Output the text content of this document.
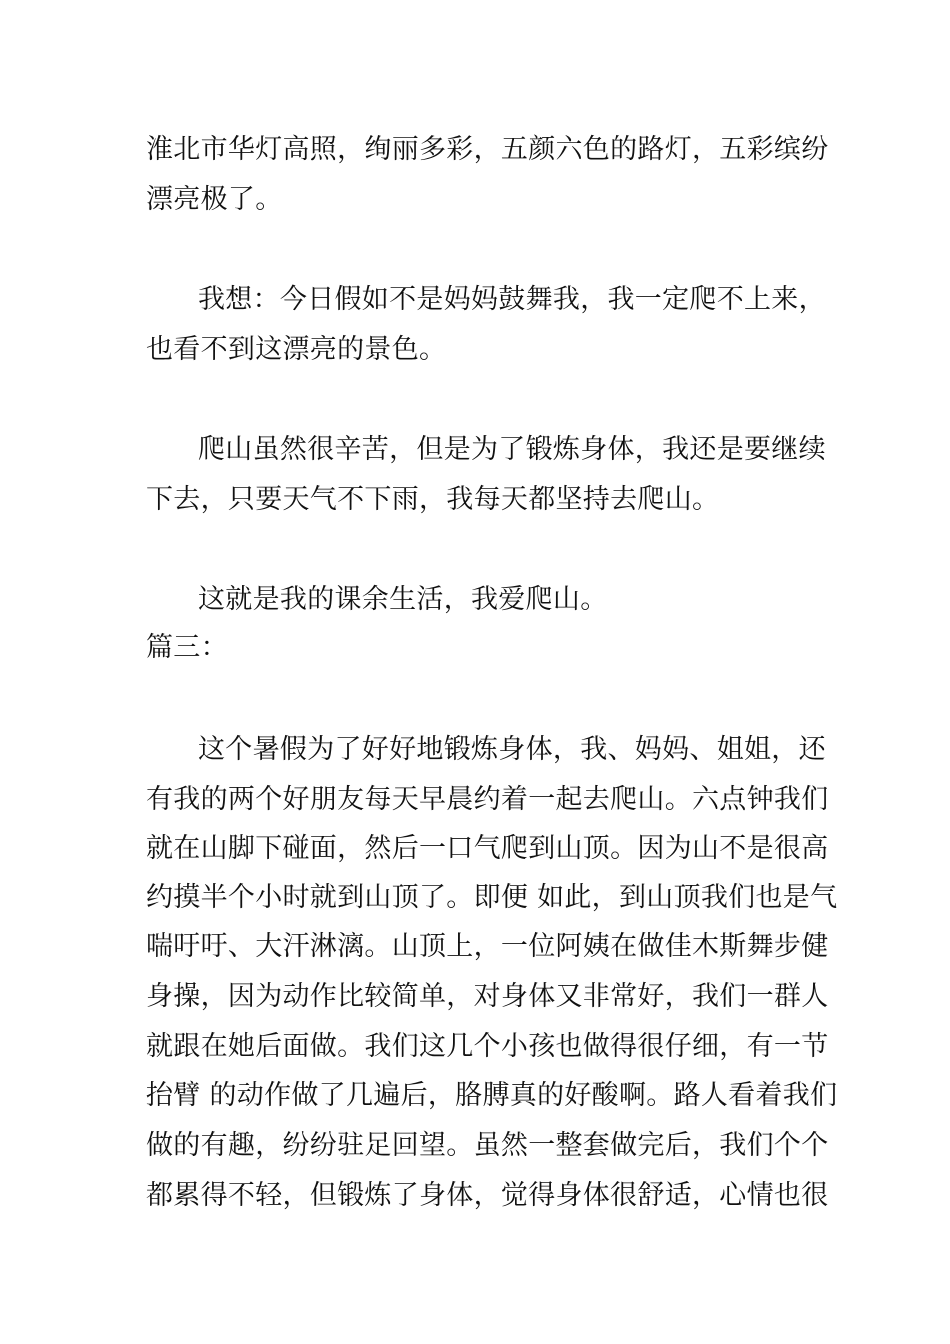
淮北市华灯高照，绚丽多彩，五颜六色的路灯，五彩缤纷
漂亮极了。
我想：今日假如不是妈妈鼓舞我，我一定爬不上来，
也看不到这漂亮的景色。
爬山虽然很辛苦，但是为了锻炼身体，我还是要继续
下去，只要天气不下雨，我每天都坚持去爬山。
这就是我的课余生活，我爱爬山。
篇三：
这个暑假为了好好地锻炼身体，我、妈妈、姐姐，还
有我的两个好朋友每天早晨约着一起去爬山。六点钟我们
就在山脚下碰面，然后一口气爬到山顶。因为山不是很高
约摸半个小时就到山顶了。即便 如此，到山顶我们也是气
喘吁吁、大汗淋漓。山顶上，一位阿姨在做佳木斯舞步健
身操，因为动作比较简单，对身体又非常好，我们一群人
就跟在她后面做。我们这几个小孩也做得很仔细，有一节
抬臂 的动作做了几遍后，胳膊真的好酸啊。路人看着我们
做的有趣，纷纷驻足回望。虽然一整套做完后，我们个个
都累得不轻，但锻炼了身体，觉得身体很舒适，心情也很
